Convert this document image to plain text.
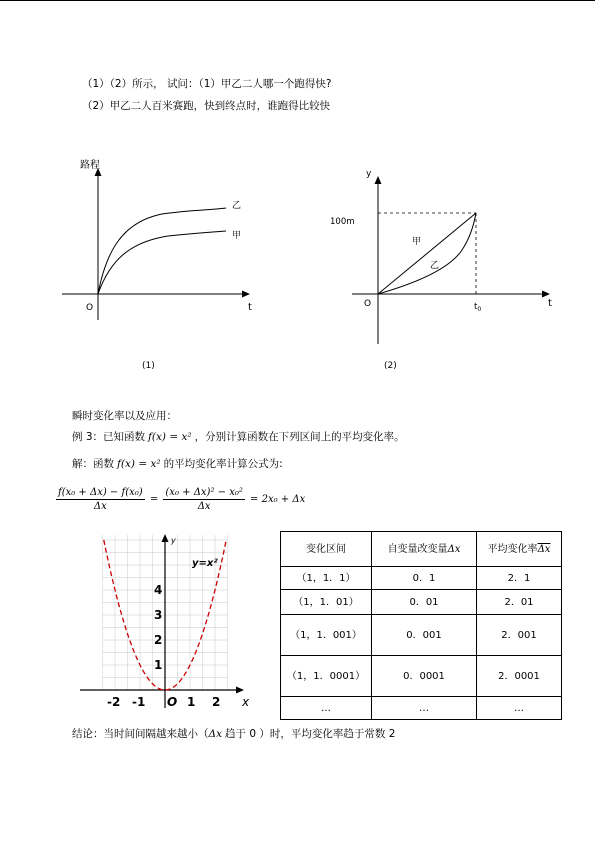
（1）（2）所示， 试问：（1）甲乙二人哪一个跑得快?
（2）甲乙二人百米赛跑，快到终点时，谁跑得比较快
路程
t
O
乙
甲
(1)
y
t
O
100m
$t_0$
甲
乙
(2)
瞬时变化率以及应用：
例 3：已知函数 f(x) = x² ，分别计算函数在下列区间上的平均变化率。
解：函数 f(x) = x² 的平均变化率计算公式为:
$\frac{\text{f(x₀ + Δx) − f(x₀)}}{\Delta x} = \frac{\text{(x₀ + Δx)² − x₀²}}{\Delta x} = 2x_0 + \Delta x$
-2 -1	1 2
1
2
3
4
y=x²
y
x
O
变化区间	自变量改变量Δx	平均变化率$\overline{\Delta x}$
（1，1．1）	0．1	2．1
（1，1．01）	0．01	2．01
（1，1．001）	0．001	2．001
（1，1．0001）	0．0001	2．0001
…	…	…
结论：当时间间隔越来越小（Δx 趋于 0 ）时，平均变化率趋于常数 2
